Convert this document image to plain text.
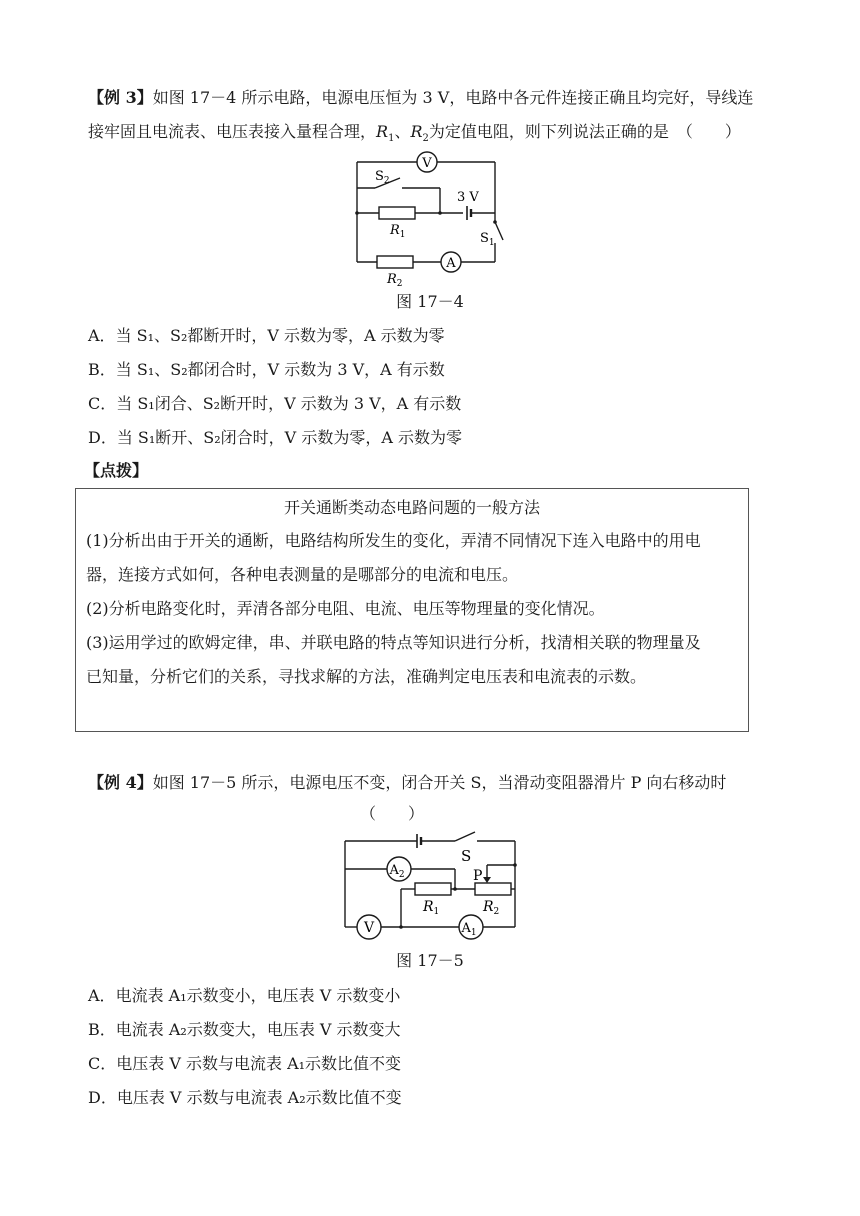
【例 3】如图 17－4 所示电路，电源电压恒为 3 V，电路中各元件连接正确且均完好，导线连
接牢固且电流表、电压表接入量程合理，$R_1$、$R_2$为定值电阻，则下列说法正确的是　（　　）
V
A
$S_2$
3 V
$S_1$
$R_1$
$R_2$
图 17－4
A．当 S₁、S₂都断开时，V 示数为零，A 示数为零
B．当 S₁、S₂都闭合时，V 示数为 3 V，A 有示数
C．当 S₁闭合、S₂断开时，V 示数为 3 V，A 有示数
D．当 S₁断开、S₂闭合时，V 示数为零，A 示数为零
【点拨】
开关通断类动态电路问题的一般方法
(1)分析出由于开关的通断，电路结构所发生的变化，弄清不同情况下连入电路中的用电
器，连接方式如何，各种电表测量的是哪部分的电流和电压。
(2)分析电路变化时，弄清各部分电阻、电流、电压等物理量的变化情况。
(3)运用学过的欧姆定律，串、并联电路的特点等知识进行分析，找清相关联的物理量及
已知量，分析它们的关系，寻找求解的方法，准确判定电压表和电流表的示数。
【例 4】如图 17－5 所示，电源电压不变，闭合开关 S，当滑动变阻器滑片 P 向右移动时
（　　）
$A_2$
V	$A_1$
S
P
$R_1$	$R_2$
图 17－5
A．电流表 A₁示数变小，电压表 V 示数变小
B．电流表 A₂示数变大，电压表 V 示数变大
C．电压表 V 示数与电流表 A₁示数比值不变
D．电压表 V 示数与电流表 A₂示数比值不变
